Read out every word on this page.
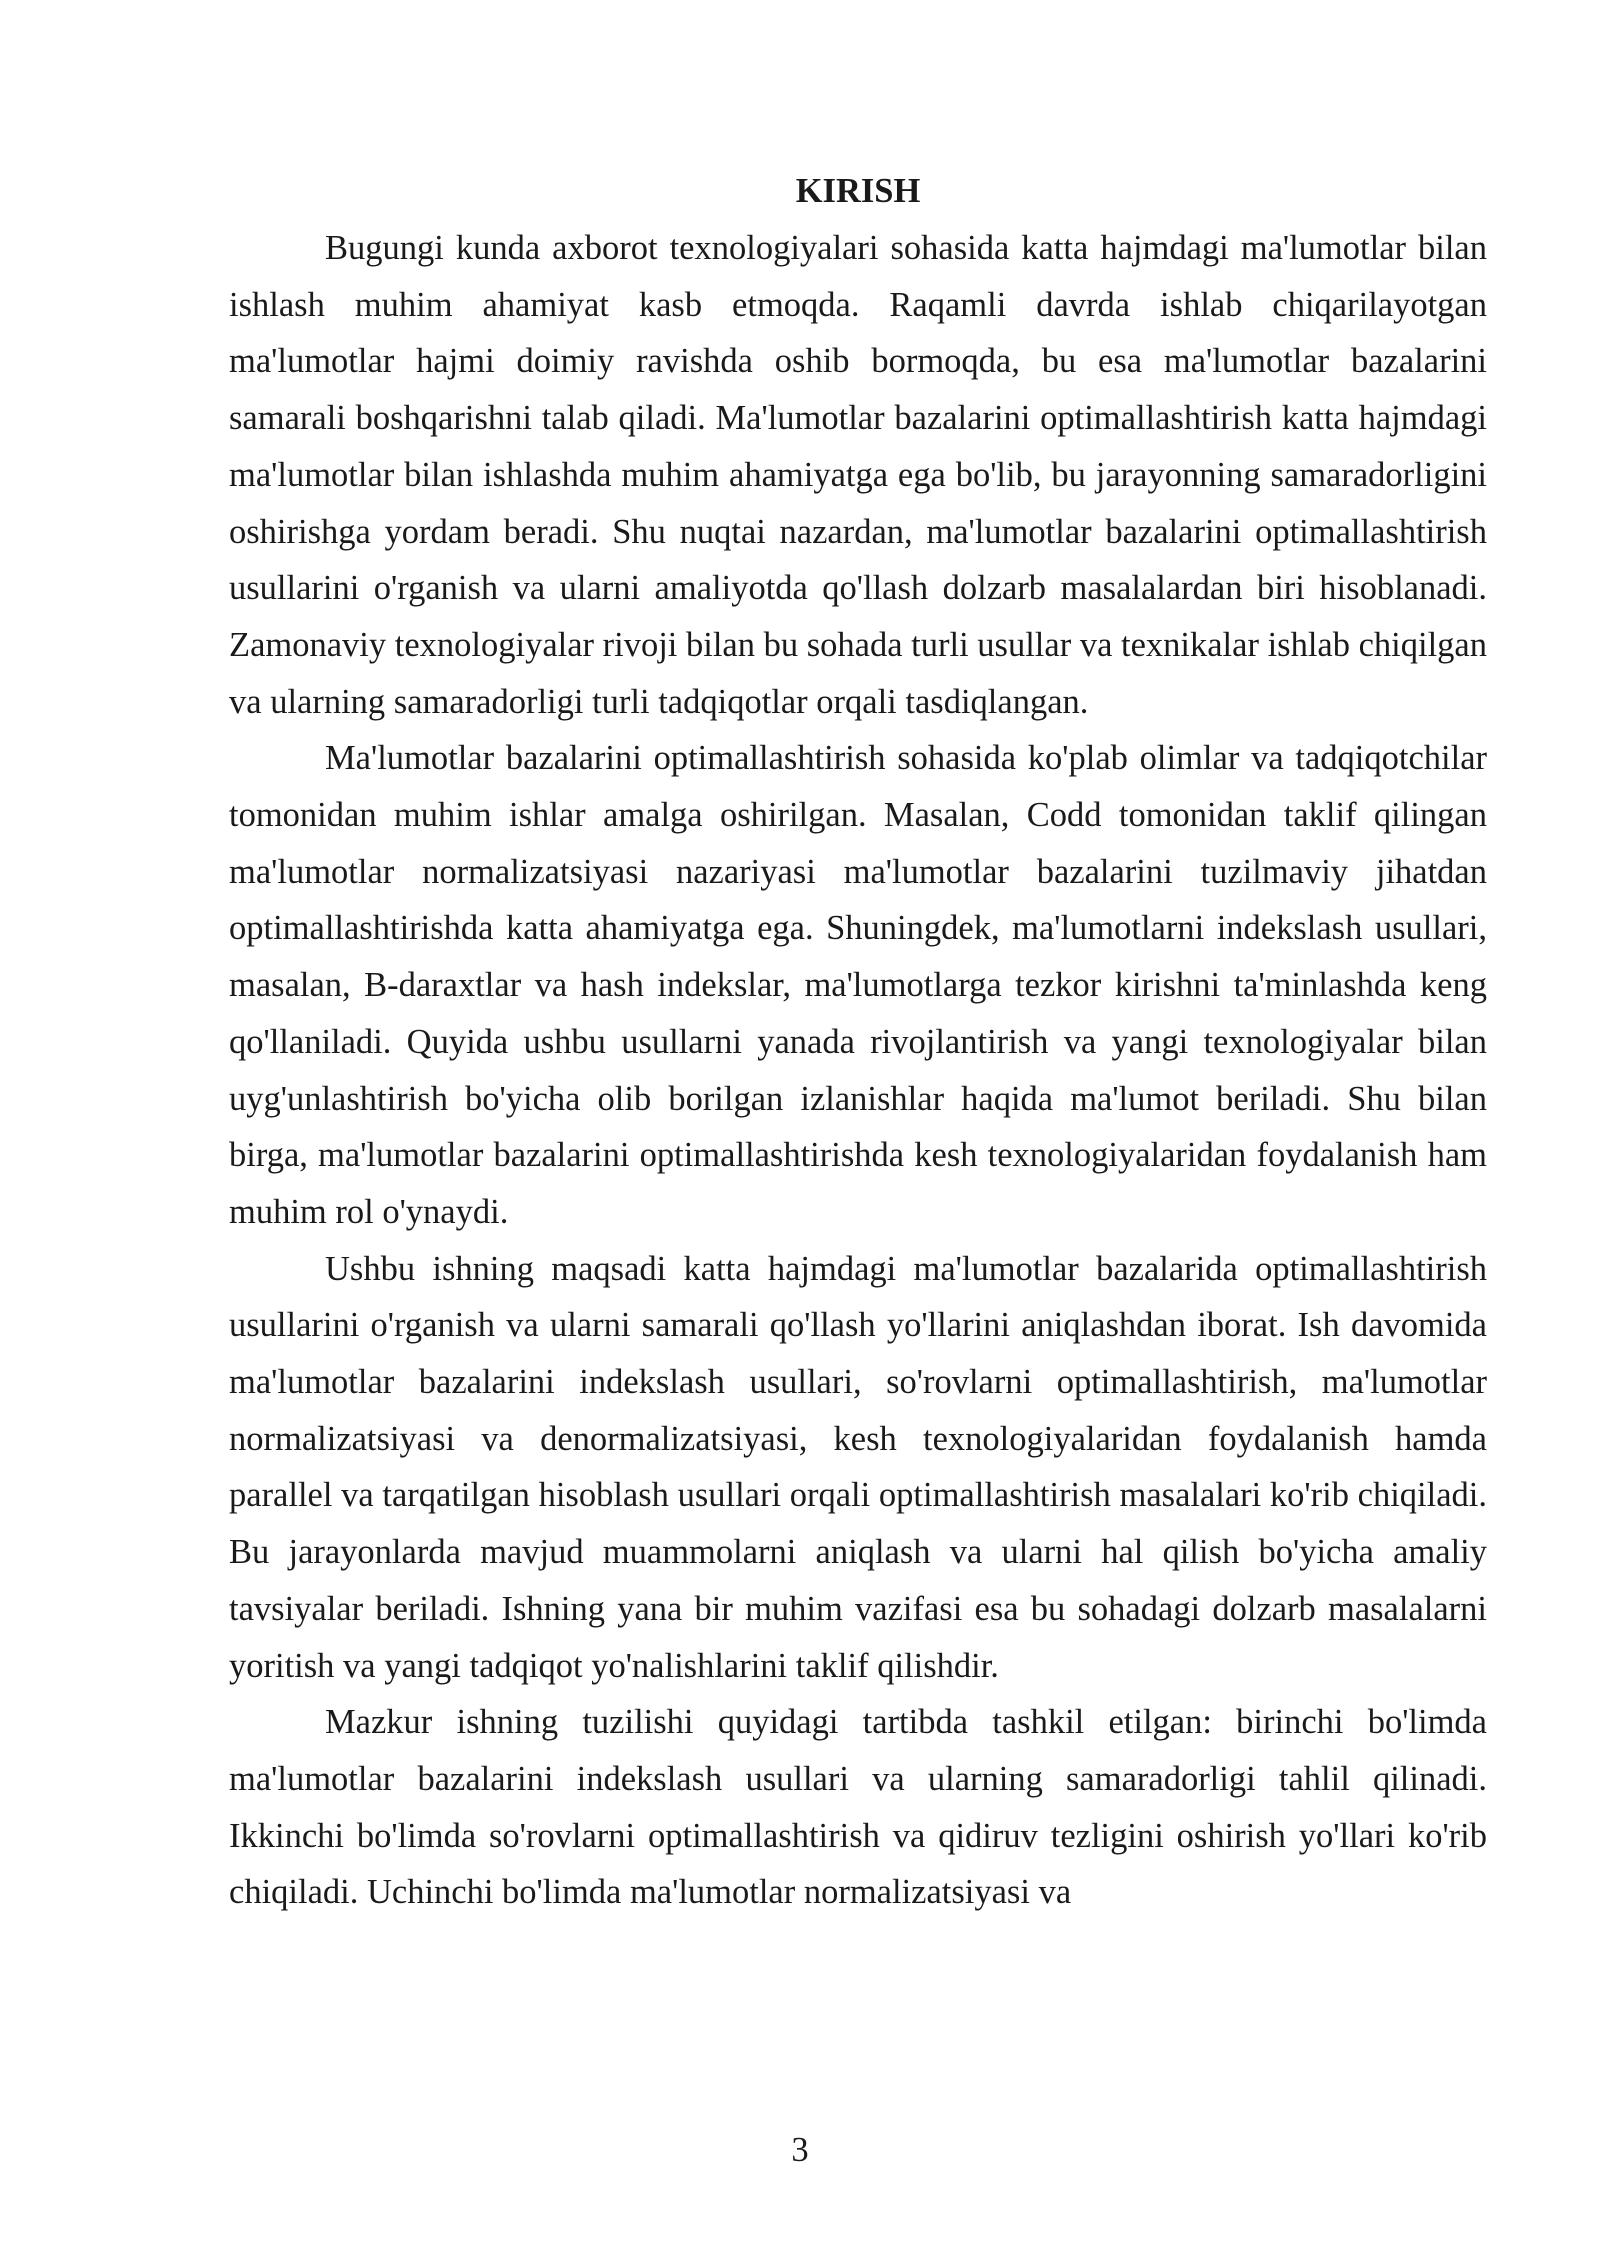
KIRISH

Bugungi kunda axborot texnologiyalari sohasida katta hajmdagi ma'lumotlar bilan ishlash muhim ahamiyat kasb etmoqda. Raqamli davrda ishlab chiqarilayotgan ma'lumotlar hajmi doimiy ravishda oshib bormoqda, bu esa ma'lumotlar bazalarini samarali boshqarishni talab qiladi. Ma'lumotlar bazalarini optimallashtirish katta hajmdagi ma'lumotlar bilan ishlashda muhim ahamiyatga ega bo'lib, bu jarayonning samaradorligini oshirishga yordam beradi. Shu nuqtai nazardan, ma'lumotlar bazalarini optimallashtirish usullarini o'rganish va ularni amaliyotda qo'llash dolzarb masalalardan biri hisoblanadi. Zamonaviy texnologiyalar rivoji bilan bu sohada turli usullar va texnikalar ishlab chiqilgan va ularning samaradorligi turli tadqiqotlar orqali tasdiqlangan.

Ma'lumotlar bazalarini optimallashtirish sohasida ko'plab olimlar va tadqiqotchilar tomonidan muhim ishlar amalga oshirilgan. Masalan, Codd tomonidan taklif qilingan ma'lumotlar normalizatsiyasi nazariyasi ma'lumotlar bazalarini tuzilmaviy jihatdan optimallashtirishda katta ahamiyatga ega. Shuningdek, ma'lumotlarni indekslash usullari, masalan, B-daraxtlar va hash indekslar, ma'lumotlarga tezkor kirishni ta'minlashda keng qo'llaniladi. Quyida ushbu usullarni yanada rivojlantirish va yangi texnologiyalar bilan uyg'unlashtirish bo'yicha olib borilgan izlanishlar haqida ma'lumot beriladi. Shu bilan birga, ma'lumotlar bazalarini optimallashtirishda kesh texnologiyalaridan foydalanish ham muhim rol o'ynaydi.

Ushbu ishning maqsadi katta hajmdagi ma'lumotlar bazalarida optimallashtirish usullarini o'rganish va ularni samarali qo'llash yo'llarini aniqlashdan iborat. Ish davomida ma'lumotlar bazalarini indekslash usullari, so'rovlarni optimallashtirish, ma'lumotlar normalizatsiyasi va denormalizatsiyasi, kesh texnologiyalaridan foydalanish hamda parallel va tarqatilgan hisoblash usullari orqali optimallashtirish masalalari ko'rib chiqiladi. Bu jarayonlarda mavjud muammolarni aniqlash va ularni hal qilish bo'yicha amaliy tavsiyalar beriladi. Ishning yana bir muhim vazifasi esa bu sohadagi dolzarb masalalarni yoritish va yangi tadqiqot yo'nalishlarini taklif qilishdir.

Mazkur ishning tuzilishi quyidagi tartibda tashkil etilgan: birinchi bo'limda ma'lumotlar bazalarini indekslash usullari va ularning samaradorligi tahlil qilinadi. Ikkinchi bo'limda so'rovlarni optimallashtirish va qidiruv tezligini oshirish yo'llari ko'rib chiqiladi. Uchinchi bo'limda ma'lumotlar normalizatsiyasi va

3
